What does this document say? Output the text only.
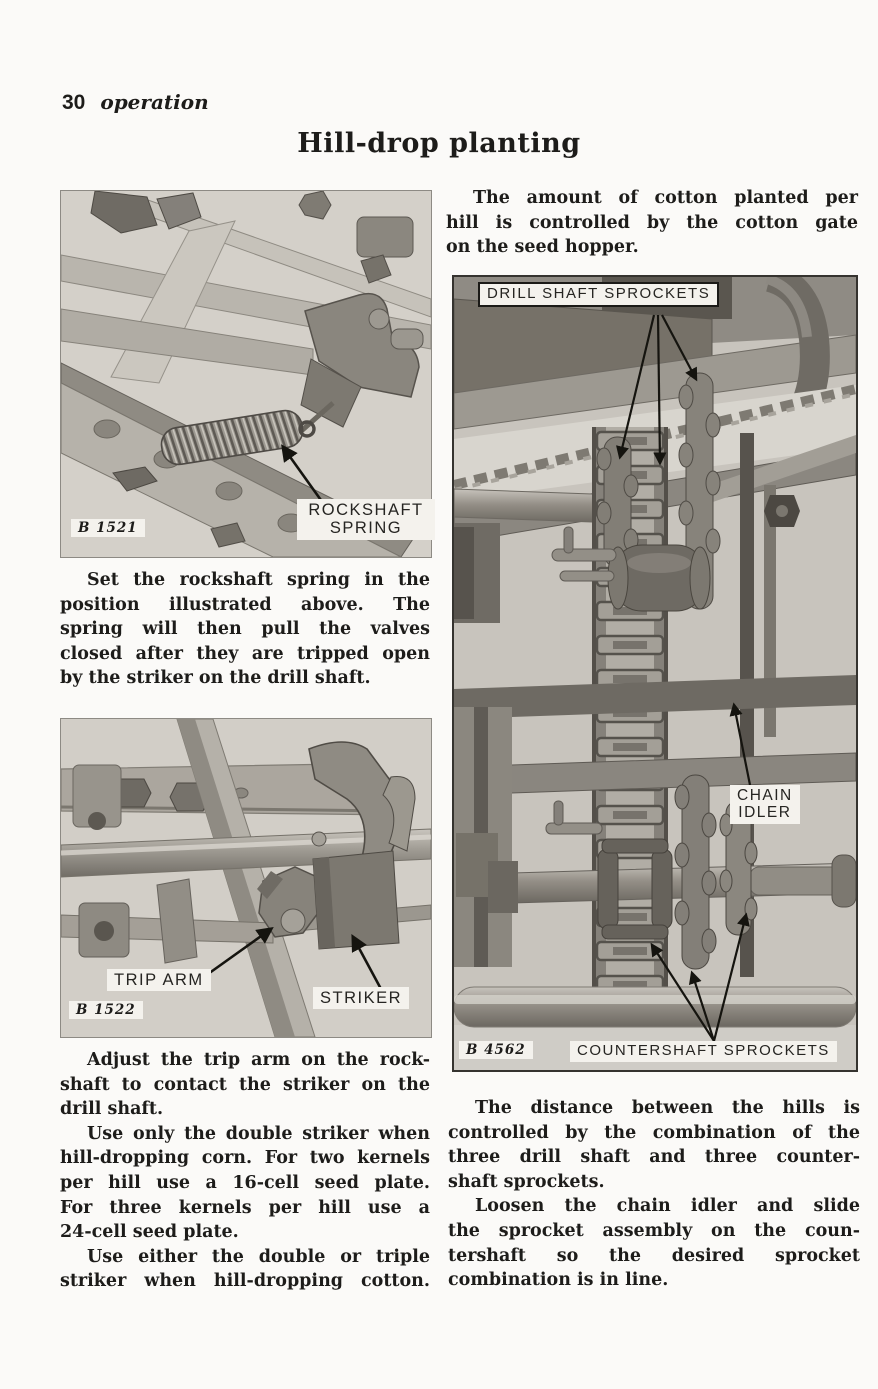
30 operation
Hill-drop planting
ROCKSHAFT
SPRING
B 1521
Set the rockshaft spring in the
position illustrated above. The
spring will then pull the valves
closed after they are tripped open
by the striker on the drill shaft.
TRIP ARM
STRIKER
B 1522
Adjust the trip arm on the rock-
shaft to contact the striker on the
drill shaft.
Use only the double striker when
hill-dropping corn. For two kernels
per hill use a 16-cell seed plate.
For three kernels per hill use a
24-cell seed plate.
Use either the double or triple
striker when hill-dropping cotton.
The amount of cotton planted per
hill is controlled by the cotton gate
on the seed hopper.
DRILL SHAFT SPROCKETS
CHAIN
IDLER
COUNTERSHAFT SPROCKETS
B 4562
The distance between the hills is
controlled by the combination of the
three drill shaft and three counter-
shaft sprockets.
Loosen the chain idler and slide
the sprocket assembly on the coun-
tershaft so the desired sprocket
combination is in line.
